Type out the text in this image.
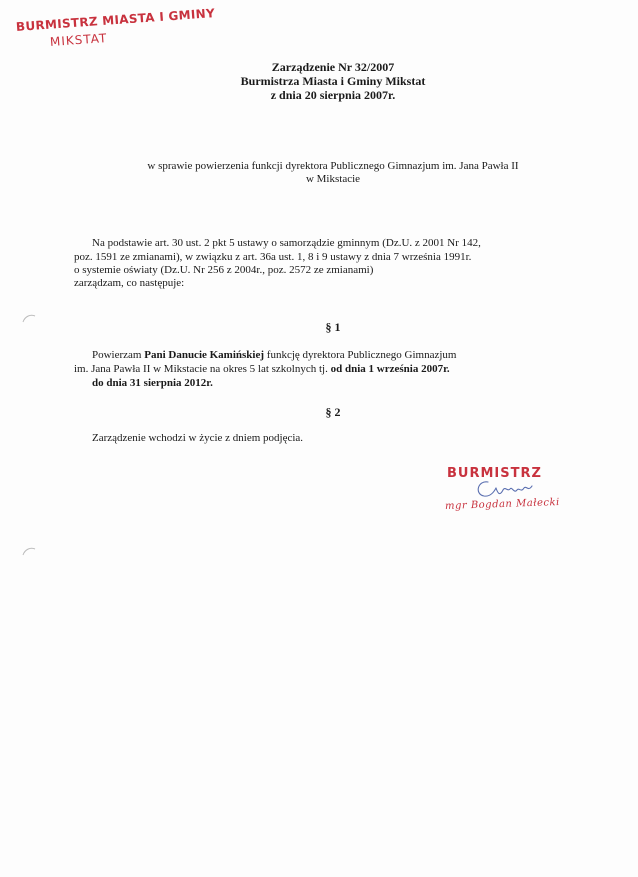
BURMISTRZ MIASTA I GMINY
MIKSTAT
Zarządzenie Nr 32/2007
Burmistrza Miasta i Gminy Mikstat
z dnia 20 sierpnia 2007r.
w sprawie powierzenia funkcji dyrektora Publicznego Gimnazjum im. Jana Pawła II
w Mikstacie
Na podstawie art. 30 ust. 2 pkt 5 ustawy o samorządzie gminnym (Dz.U. z 2001 Nr 142,
poz. 1591 ze zmianami), w związku z art. 36a ust. 1, 8 i 9 ustawy z dnia 7 września 1991r.
o systemie oświaty (Dz.U. Nr 256 z 2004r., poz. 2572 ze zmianami)
zarządzam, co następuje:
§ 1
Powierzam Pani Danucie Kamińskiej funkcję dyrektora Publicznego Gimnazjum
im. Jana Pawła II w Mikstacie na okres 5 lat szkolnych tj. od dnia 1 września 2007r.
do dnia 31 sierpnia 2012r.
§ 2
Zarządzenie wchodzi w życie z dniem podjęcia.
BURMISTRZ
mgr Bogdan Małecki
